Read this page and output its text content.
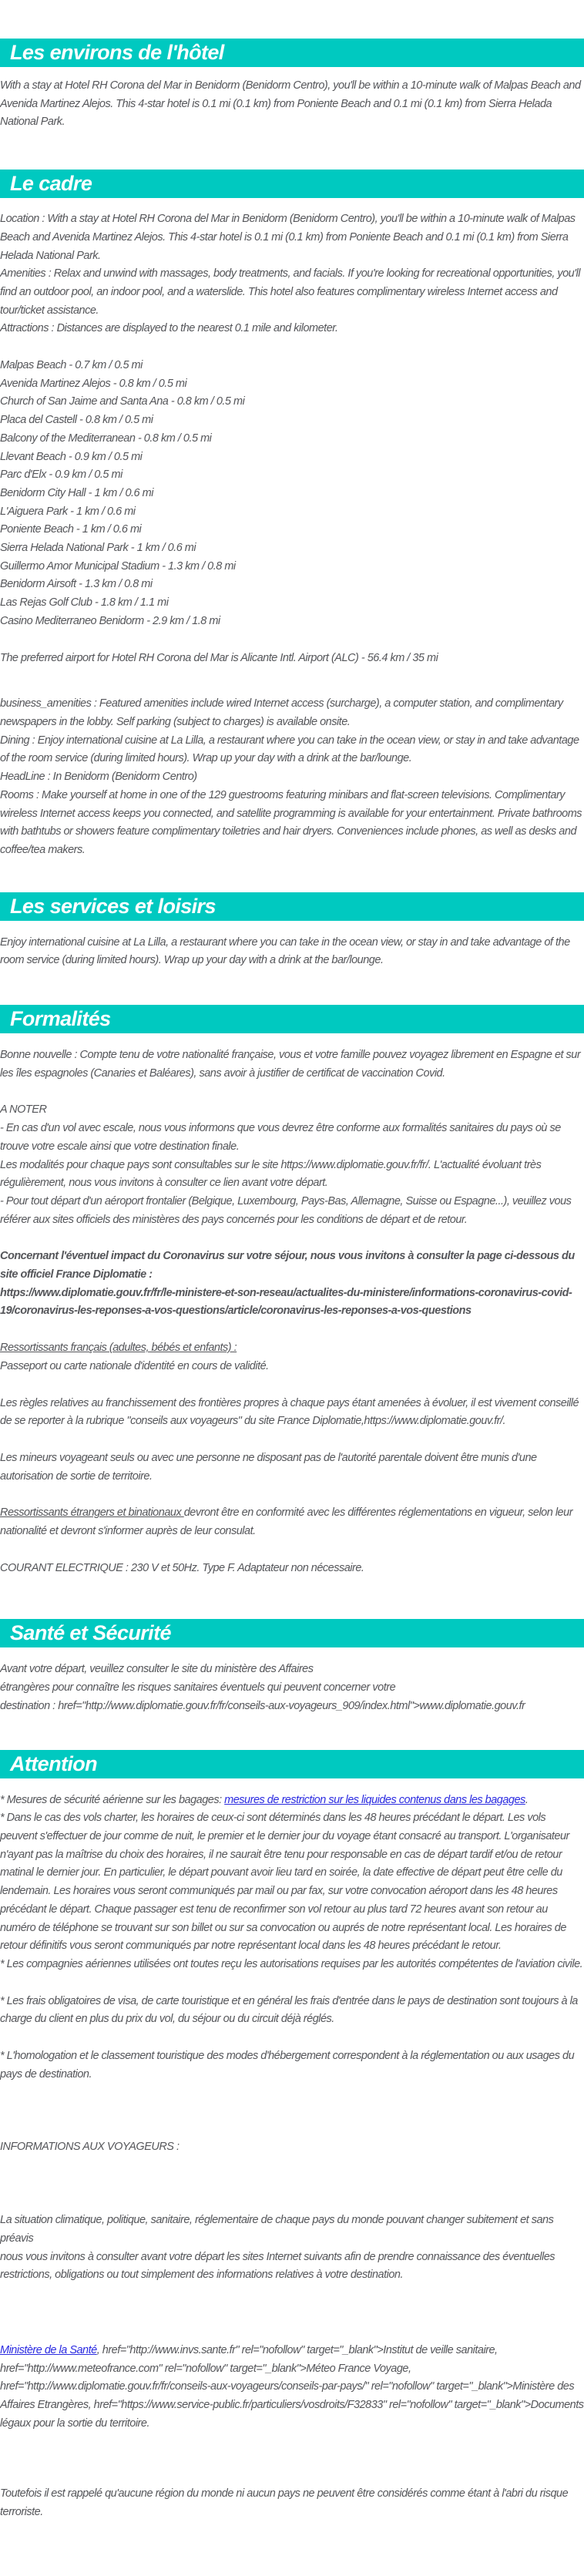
Les environs de l'hôtel

With a stay at Hotel RH Corona del Mar in Benidorm (Benidorm Centro), you'll be within a 10-minute walk of Malpas Beach and Avenida Martinez Alejos. This 4-star hotel is 0.1 mi (0.1 km) from Poniente Beach and 0.1 mi (0.1 km) from Sierra Helada National Park.

Le cadre

Location : With a stay at Hotel RH Corona del Mar in Benidorm (Benidorm Centro), you'll be within a 10-minute walk of Malpas Beach and Avenida Martinez Alejos. This 4-star hotel is 0.1 mi (0.1 km) from Poniente Beach and 0.1 mi (0.1 km) from Sierra Helada National Park.

Amenities : Relax and unwind with massages, body treatments, and facials. If you're looking for recreational opportunities, you'll find an outdoor pool, an indoor pool, and a waterslide. This hotel also features complimentary wireless Internet access and tour/ticket assistance.

Attractions : Distances are displayed to the nearest 0.1 mile and kilometer.

Malpas Beach - 0.7 km / 0.5 mi
Avenida Martinez Alejos - 0.8 km / 0.5 mi
Church of San Jaime and Santa Ana - 0.8 km / 0.5 mi
Placa del Castell - 0.8 km / 0.5 mi
Balcony of the Mediterranean - 0.8 km / 0.5 mi
Llevant Beach - 0.9 km / 0.5 mi
Parc d'Elx - 0.9 km / 0.5 mi
Benidorm City Hall - 1 km / 0.6 mi
L'Aiguera Park - 1 km / 0.6 mi
Poniente Beach - 1 km / 0.6 mi
Sierra Helada National Park - 1 km / 0.6 mi
Guillermo Amor Municipal Stadium - 1.3 km / 0.8 mi
Benidorm Airsoft - 1.3 km / 0.8 mi
Las Rejas Golf Club - 1.8 km / 1.1 mi
Casino Mediterraneo Benidorm - 2.9 km / 1.8 mi

The preferred airport for Hotel RH Corona del Mar is Alicante Intl. Airport (ALC) - 56.4 km / 35 mi

business_amenities : Featured amenities include wired Internet access (surcharge), a computer station, and complimentary newspapers in the lobby. Self parking (subject to charges) is available onsite.

Dining : Enjoy international cuisine at La Lilla, a restaurant where you can take in the ocean view, or stay in and take advantage of the room service (during limited hours). Wrap up your day with a drink at the bar/lounge.

HeadLine : In Benidorm (Benidorm Centro)

Rooms : Make yourself at home in one of the 129 guestrooms featuring minibars and flat-screen televisions. Complimentary wireless Internet access keeps you connected, and satellite programming is available for your entertainment. Private bathrooms with bathtubs or showers feature complimentary toiletries and hair dryers. Conveniences include phones, as well as desks and coffee/tea makers.

Les services et loisirs

Enjoy international cuisine at La Lilla, a restaurant where you can take in the ocean view, or stay in and take advantage of the room service (during limited hours). Wrap up your day with a drink at the bar/lounge.

Formalités

Bonne nouvelle : Compte tenu de votre nationalité française, vous et votre famille pouvez voyagez librement en Espagne et sur les îles espagnoles (Canaries et Baléares), sans avoir à justifier de certificat de vaccination Covid.

A NOTER

- En cas d'un vol avec escale, nous vous informons que vous devrez être conforme aux formalités sanitaires du pays où se trouve votre escale ainsi que votre destination finale.

Les modalités pour chaque pays sont consultables sur le site https://www.diplomatie.gouv.fr/fr/. L'actualité évoluant très régulièrement, nous vous invitons à consulter ce lien avant votre départ.

- Pour tout départ d'un aéroport frontalier (Belgique, Luxembourg, Pays-Bas, Allemagne, Suisse ou Espagne...), veuillez vous référer aux sites officiels des ministères des pays concernés pour les conditions de départ et de retour.

Concernant l'éventuel impact du Coronavirus sur votre séjour, nous vous invitons à consulter la page ci-dessous du site officiel France Diplomatie :

https://www.diplomatie.gouv.fr/fr/le-ministere-et-son-reseau/actualites-du-ministere/informations-coronavirus-covid-19/coronavirus-les-reponses-a-vos-questions/article/coronavirus-les-reponses-a-vos-questions

Ressortissants français (adultes, bébés et enfants) :

Passeport ou carte nationale d'identité en cours de validité.

Les règles relatives au franchissement des frontières propres à chaque pays étant amenées à évoluer, il est vivement conseillé de se reporter à la rubrique "conseils aux voyageurs" du site France Diplomatie,https://www.diplomatie.gouv.fr/.

Les mineurs voyageant seuls ou avec une personne ne disposant pas de l'autorité parentale doivent être munis d'une autorisation de sortie de territoire.

Ressortissants étrangers et binationaux devront être en conformité avec les différentes réglementations en vigueur, selon leur nationalité et devront s'informer auprès de leur consulat.

COURANT ELECTRIQUE : 230 V et 50Hz. Type F. Adaptateur non nécessaire.

Santé et Sécurité

Avant votre départ, veuillez consulter le site du ministère des Affaires

étrangères pour connaître les risques sanitaires éventuels qui peuvent concerner votre

destination : href="http://www.diplomatie.gouv.fr/fr/conseils-aux-voyageurs_909/index.html">www.diplomatie.gouv.fr

Attention

* Mesures de sécurité aérienne sur les bagages: mesures de restriction sur les liquides contenus dans les bagages.

* Dans le cas des vols charter, les horaires de ceux-ci sont déterminés dans les 48 heures précédant le départ. Les vols peuvent s'effectuer de jour comme de nuit, le premier et le dernier jour du voyage étant consacré au transport. L'organisateur n'ayant pas la maîtrise du choix des horaires, il ne saurait être tenu pour responsable en cas de départ tardif et/ou de retour matinal le dernier jour. En particulier, le départ pouvant avoir lieu tard en soirée, la date effective de départ peut être celle du lendemain. Les horaires vous seront communiqués par mail ou par fax, sur votre convocation aéroport dans les 48 heures précédant le départ. Chaque passager est tenu de reconfirmer son vol retour au plus tard 72 heures avant son retour au numéro de téléphone se trouvant sur son billet ou sur sa convocation ou auprés de notre représentant local. Les horaires de retour définitifs vous seront communiqués par notre représentant local dans les 48 heures précédant le retour.

* Les compagnies aériennes utilisées ont toutes reçu les autorisations requises par les autorités compétentes de l'aviation civile.

* Les frais obligatoires de visa, de carte touristique et en général les frais d'entrée dans le pays de destination sont toujours à la charge du client en plus du prix du vol, du séjour ou du circuit déjà réglés.

* L'homologation et le classement touristique des modes d'hébergement correspondent à la réglementation ou aux usages du pays de destination.

INFORMATIONS AUX VOYAGEURS :

La situation climatique, politique, sanitaire, réglementaire de chaque pays du monde pouvant changer subitement et sans préavis

nous vous invitons à consulter avant votre départ les sites Internet suivants afin de prendre connaissance des éventuelles restrictions, obligations ou tout simplement des informations relatives à votre destination.

Ministère de la Santé, href="http://www.invs.sante.fr" rel="nofollow" target="_blank">Institut de veille sanitaire, href="http://www.meteofrance.com" rel="nofollow" target="_blank">Méteo France Voyage, href="http://www.diplomatie.gouv.fr/fr/conseils-aux-voyageurs/conseils-par-pays/" rel="nofollow" target="_blank">Ministère des Affaires Etrangères, href="https://www.service-public.fr/particuliers/vosdroits/F32833" rel="nofollow" target="_blank">Documents légaux pour la sortie du territoire.

Toutefois il est rappelé qu'aucune région du monde ni aucun pays ne peuvent être considérés comme étant à l'abri du risque terroriste.
